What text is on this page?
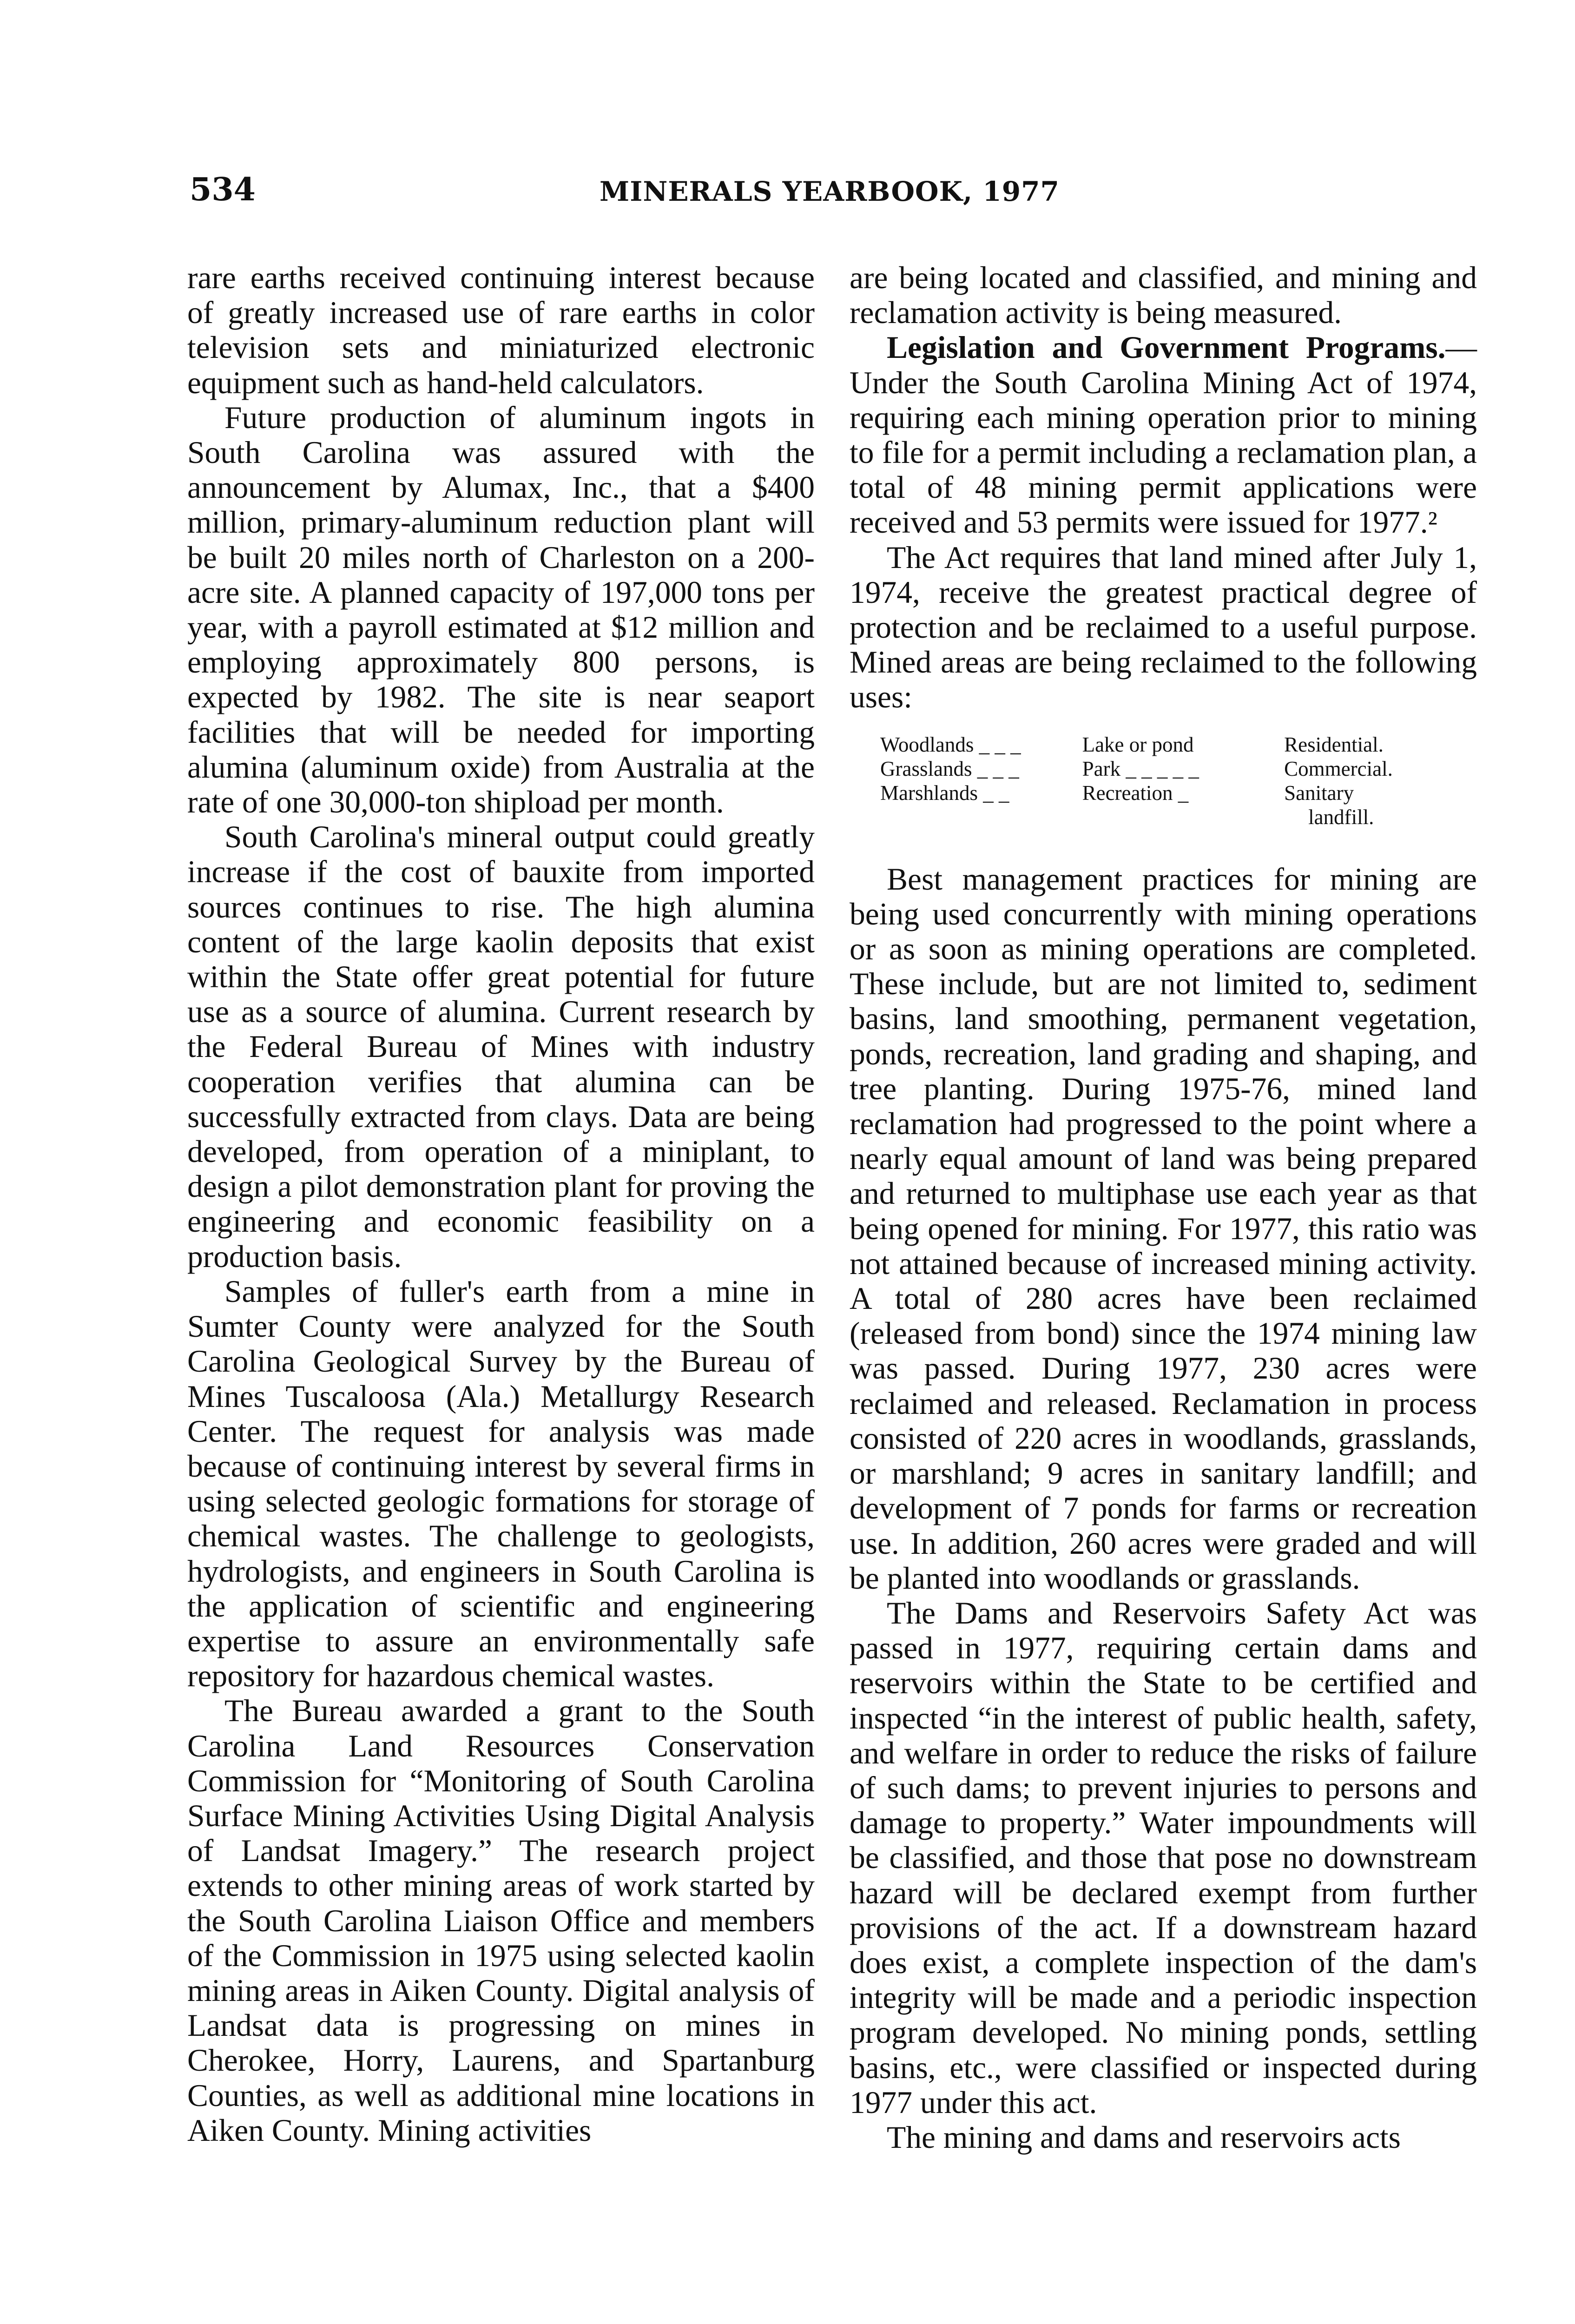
534	MINERALS YEARBOOK, 1977

rare earths received continuing interest because of greatly increased use of rare earths in color television sets and miniaturized electronic equipment such as hand-held calculators.

Future production of aluminum ingots in South Carolina was assured with the announcement by Alumax, Inc., that a $400 million, primary-aluminum reduction plant will be built 20 miles north of Charleston on a 200-acre site. A planned capacity of 197,000 tons per year, with a payroll estimated at $12 million and employing approximately 800 persons, is expected by 1982. The site is near seaport facilities that will be needed for importing alumina (aluminum oxide) from Australia at the rate of one 30,000-ton shipload per month.

South Carolina's mineral output could greatly increase if the cost of bauxite from imported sources continues to rise. The high alumina content of the large kaolin deposits that exist within the State offer great potential for future use as a source of alumina. Current research by the Federal Bureau of Mines with industry cooperation verifies that alumina can be successfully extracted from clays. Data are being developed, from operation of a miniplant, to design a pilot demonstration plant for proving the engineering and economic feasibility on a production basis.

Samples of fuller's earth from a mine in Sumter County were analyzed for the South Carolina Geological Survey by the Bureau of Mines Tuscaloosa (Ala.) Metallurgy Research Center. The request for analysis was made because of continuing interest by several firms in using selected geologic formations for storage of chemical wastes. The challenge to geologists, hydrologists, and engineers in South Carolina is the application of scientific and engineering expertise to assure an environmentally safe repository for hazardous chemical wastes.

The Bureau awarded a grant to the South Carolina Land Resources Conservation Commission for “Monitoring of South Carolina Surface Mining Activities Using Digital Analysis of Landsat Imagery.” The research project extends to other mining areas of work started by the South Carolina Liaison Office and members of the Commission in 1975 using selected kaolin mining areas in Aiken County. Digital analysis of Landsat data is progressing on mines in Cherokee, Horry, Laurens, and Spartanburg Counties, as well as additional mine locations in Aiken County. Mining activities

are being located and classified, and mining and reclamation activity is being measured.

Legislation and Government Programs.—Under the South Carolina Mining Act of 1974, requiring each mining operation prior to mining to file for a permit including a reclamation plan, a total of 48 mining permit applications were received and 53 permits were issued for 1977.²

The Act requires that land mined after July 1, 1974, receive the greatest practical degree of protection and be reclaimed to a useful purpose. Mined areas are being reclaimed to the following uses:

Woodlands _ _ _
Grasslands _ _ _
Marshlands _ _
Lake or pond
Park _ _ _ _ _
Recreation _
Residential.
Commercial.
Sanitary
landfill.

Best management practices for mining are being used concurrently with mining operations or as soon as mining operations are completed. These include, but are not limited to, sediment basins, land smoothing, permanent vegetation, ponds, recreation, land grading and shaping, and tree planting. During 1975-76, mined land reclamation had progressed to the point where a nearly equal amount of land was being prepared and returned to multiphase use each year as that being opened for mining. For 1977, this ratio was not attained because of increased mining activity. A total of 280 acres have been reclaimed (released from bond) since the 1974 mining law was passed. During 1977, 230 acres were reclaimed and released. Reclamation in process consisted of 220 acres in woodlands, grasslands, or marshland; 9 acres in sanitary landfill; and development of 7 ponds for farms or recreation use. In addition, 260 acres were graded and will be planted into woodlands or grasslands.

The Dams and Reservoirs Safety Act was passed in 1977, requiring certain dams and reservoirs within the State to be certified and inspected “in the interest of public health, safety, and welfare in order to reduce the risks of failure of such dams; to prevent injuries to persons and damage to property.” Water impoundments will be classified, and those that pose no downstream hazard will be declared exempt from further provisions of the act. If a downstream hazard does exist, a complete inspection of the dam's integrity will be made and a periodic inspection program developed. No mining ponds, settling basins, etc., were classified or inspected during 1977 under this act.

The mining and dams and reservoirs acts
